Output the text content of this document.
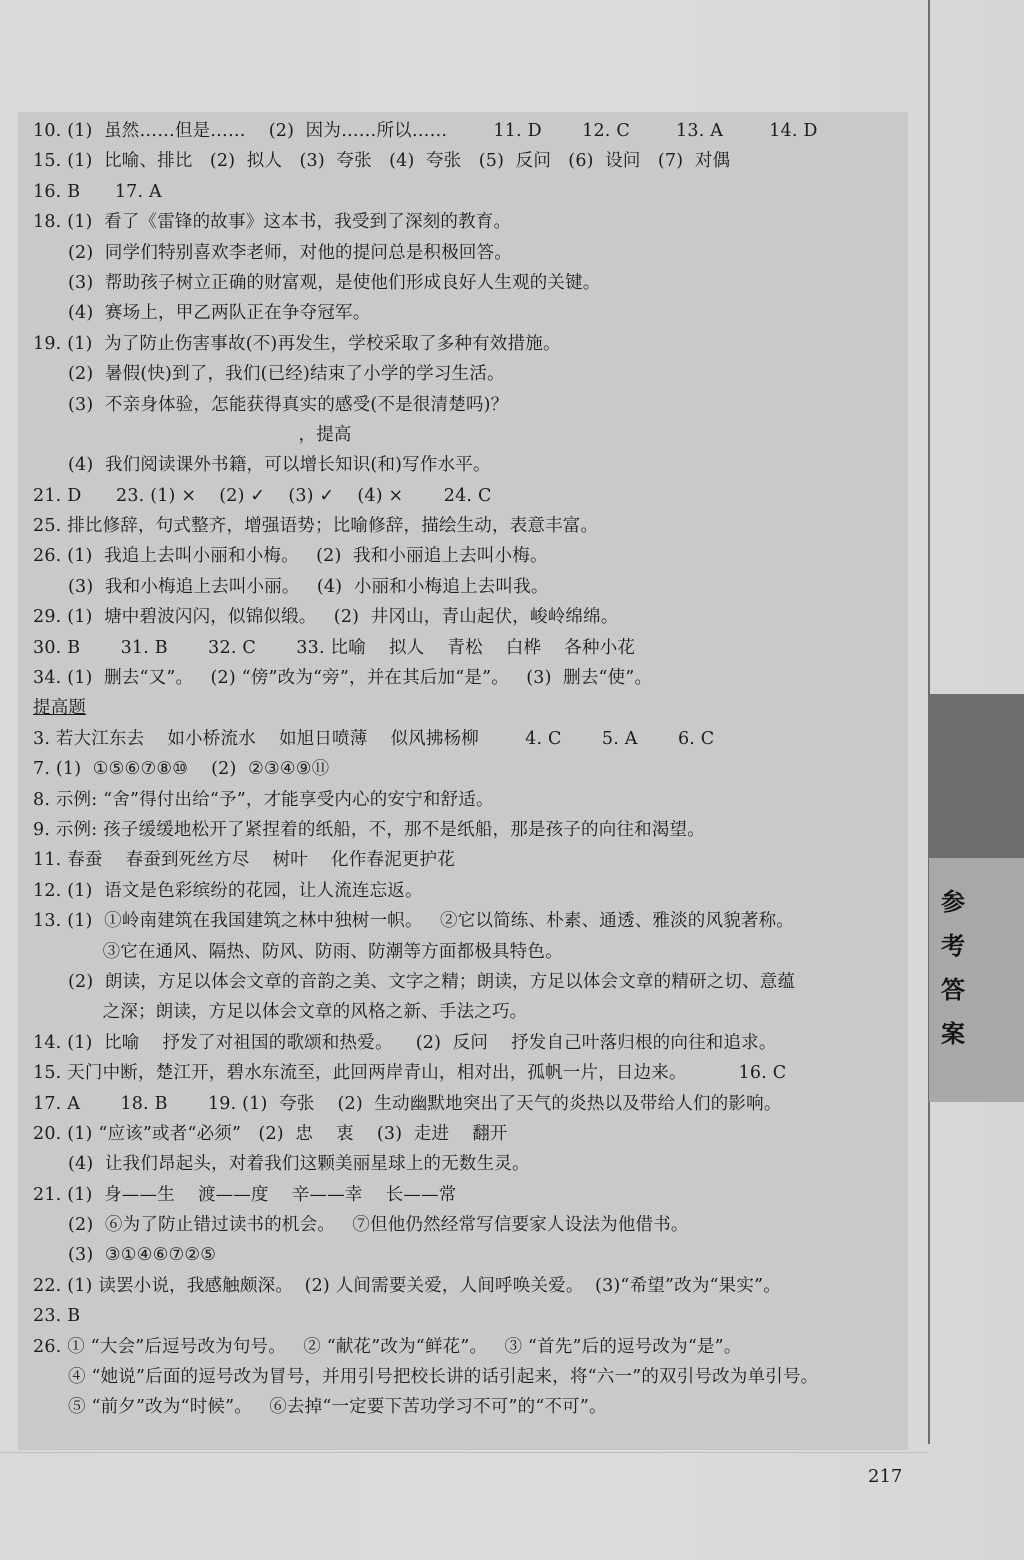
10. (1)  虽然……但是……    (2)  因为……所以……        11. D       12. C        13. A        14. D
15. (1)  比喻、排比   (2)  拟人   (3)  夸张   (4)  夸张   (5)  反问   (6)  设问   (7)  对偶
16. B      17. A
18. (1)  看了《雷锋的故事》这本书，我受到了深刻的教育。
(2)  同学们特别喜欢李老师，对他的提问总是积极回答。
(3)  帮助孩子树立正确的财富观，是使他们形成良好人生观的关键。
(4)  赛场上，甲乙两队正在争夺冠军。
19. (1)  为了防止伤害事故(不)再发生，学校采取了多种有效措施。
(2)  暑假(快)到了，我们(已经)结束了小学的学习生活。
(3)  不亲身体验，怎能获得真实的感受(不是很清楚吗)？
，提高
(4)  我们阅读课外书籍，可以增长知识(和)写作水平。
21. D      23. (1) ×    (2) ✓    (3) ✓    (4) ×       24. C
25. 排比修辞，句式整齐，增强语势；比喻修辞，描绘生动，表意丰富。
26. (1)  我追上去叫小丽和小梅。   (2)  我和小丽追上去叫小梅。
(3)  我和小梅追上去叫小丽。   (4)  小丽和小梅追上去叫我。
29. (1)  塘中碧波闪闪，似锦似缎。   (2)  井冈山，青山起伏，峻岭绵绵。
30. B       31. B       32. C       33. 比喻    拟人    青松    白桦    各种小花
34. (1)  删去“又”。   (2) “傍”改为“旁”，并在其后加“是”。   (3)  删去“使”。
提高题
3. 若大江东去    如小桥流水    如旭日喷薄    似风拂杨柳        4. C       5. A       6. C
7. (1)  ①⑤⑥⑦⑧⑩    (2)  ②③④⑨⑪
8. 示例: “舍”得付出给“予”，才能享受内心的安宁和舒适。
9. 示例: 孩子缓缓地松开了紧捏着的纸船，不，那不是纸船，那是孩子的向往和渴望。
11. 春蚕    春蚕到死丝方尽    树叶    化作春泥更护花
12. (1)  语文是色彩缤纷的花园，让人流连忘返。
13. (1)  ①岭南建筑在我国建筑之林中独树一帜。   ②它以简练、朴素、通透、雅淡的风貌著称。
③它在通风、隔热、防风、防雨、防潮等方面都极具特色。
(2)  朗读，方足以体会文章的音韵之美、文字之精；朗读，方足以体会文章的精研之切、意蕴
之深；朗读，方足以体会文章的风格之新、手法之巧。
14. (1)  比喻    抒发了对祖国的歌颂和热爱。    (2)  反问    抒发自己叶落归根的向往和追求。
15. 天门中断，楚江开，碧水东流至，此回两岸青山，相对出，孤帆一片，日边来。         16. C
17. A       18. B       19. (1)  夸张    (2)  生动幽默地突出了天气的炎热以及带给人们的影响。
20. (1) “应该”或者“必须”   (2)  忠    衷    (3)  走进    翻开
(4)  让我们昂起头，对着我们这颗美丽星球上的无数生灵。
21. (1)  身——生    渡——度    辛——幸    长——常
(2)  ⑥为了防止错过读书的机会。   ⑦但他仍然经常写信要家人设法为他借书。
(3)  ③①④⑥⑦②⑤
22. (1) 读罢小说，我感触颇深。  (2) 人间需要关爱，人间呼唤关爱。  (3)“希望”改为“果实”。
23. B
26. ① “大会”后逗号改为句号。   ② “献花”改为“鲜花”。   ③ “首先”后的逗号改为“是”。
④ “她说”后面的逗号改为冒号，并用引号把校长讲的话引起来，将“六一”的双引号改为单引号。
⑤ “前夕”改为“时候”。   ⑥去掉“一定要下苦功学习不可”的“不可”。
参
考
答
案
217
